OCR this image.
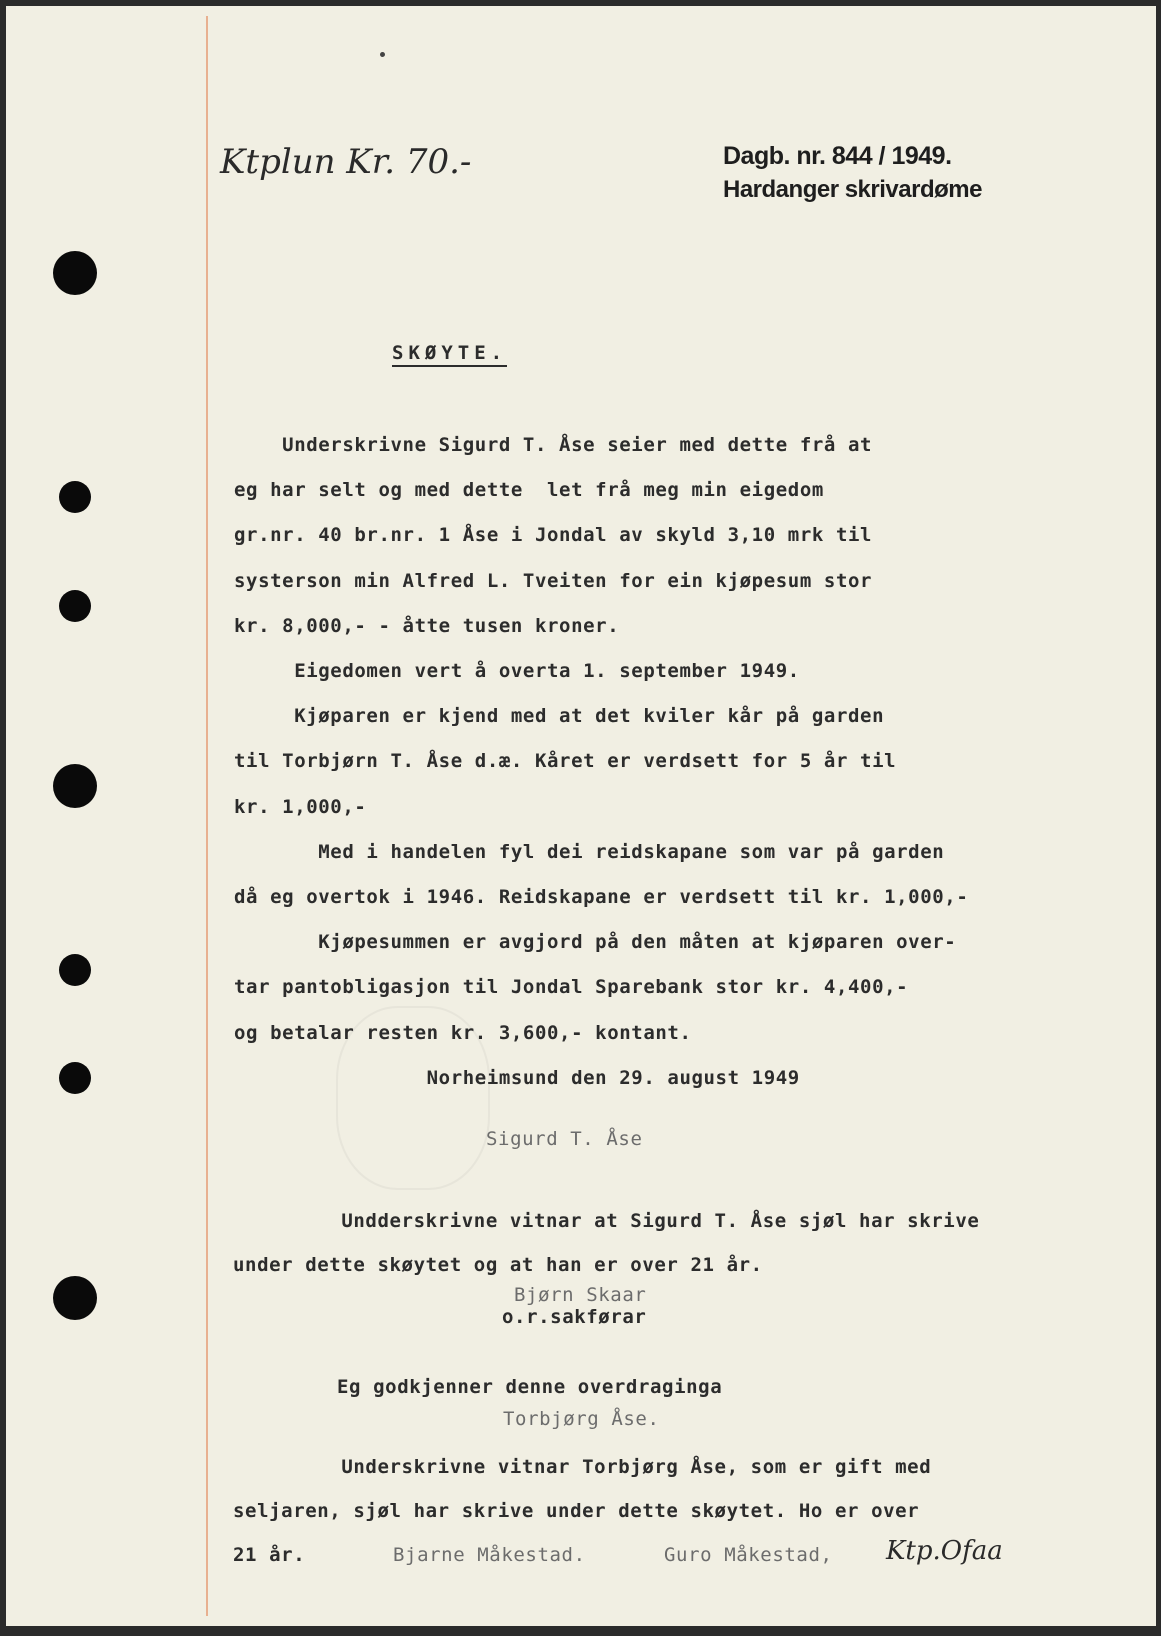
Ktplun Kr. 70.-	Dagb. nr. 844 / 1949.
Hardanger skrivardøme
SKØYTE.
Underskrivne Sigurd T. Åse seier med dette frå at
eg har selt og med dette  let frå meg min eigedom
gr.nr. 40 br.nr. 1 Åse i Jondal av skyld 3,10 mrk til
systerson min Alfred L. Tveiten for ein kjøpesum stor
kr. 8,000,- - åtte tusen kroner.
Eigedomen vert å overta 1. september 1949.
Kjøparen er kjend med at det kviler kår på garden
til Torbjørn T. Åse d.æ. Kåret er verdsett for 5 år til
kr. 1,000,-
Med i handelen fyl dei reidskapane som var på garden
då eg overtok i 1946. Reidskapane er verdsett til kr. 1,000,-
Kjøpesummen er avgjord på den måten at kjøparen over-
tar pantobligasjon til Jondal Sparebank stor kr. 4,400,-
og betalar resten kr. 3,600,- kontant.
Norheimsund den 29. august 1949
Sigurd T. Åse
Undderskrivne vitnar at Sigurd T. Åse sjøl har skrive
under dette skøytet og at han er over 21 år.
Bjørn Skaar
o.r.sakførar
Eg godkjenner denne overdraginga
Torbjørg Åse.
Underskrivne vitnar Torbjørg Åse, som er gift med
seljaren, sjøl har skrive under dette skøytet. Ho er over
21 år.	Bjarne Måkestad.	Guro Måkestad, Ktp.Ofaa
